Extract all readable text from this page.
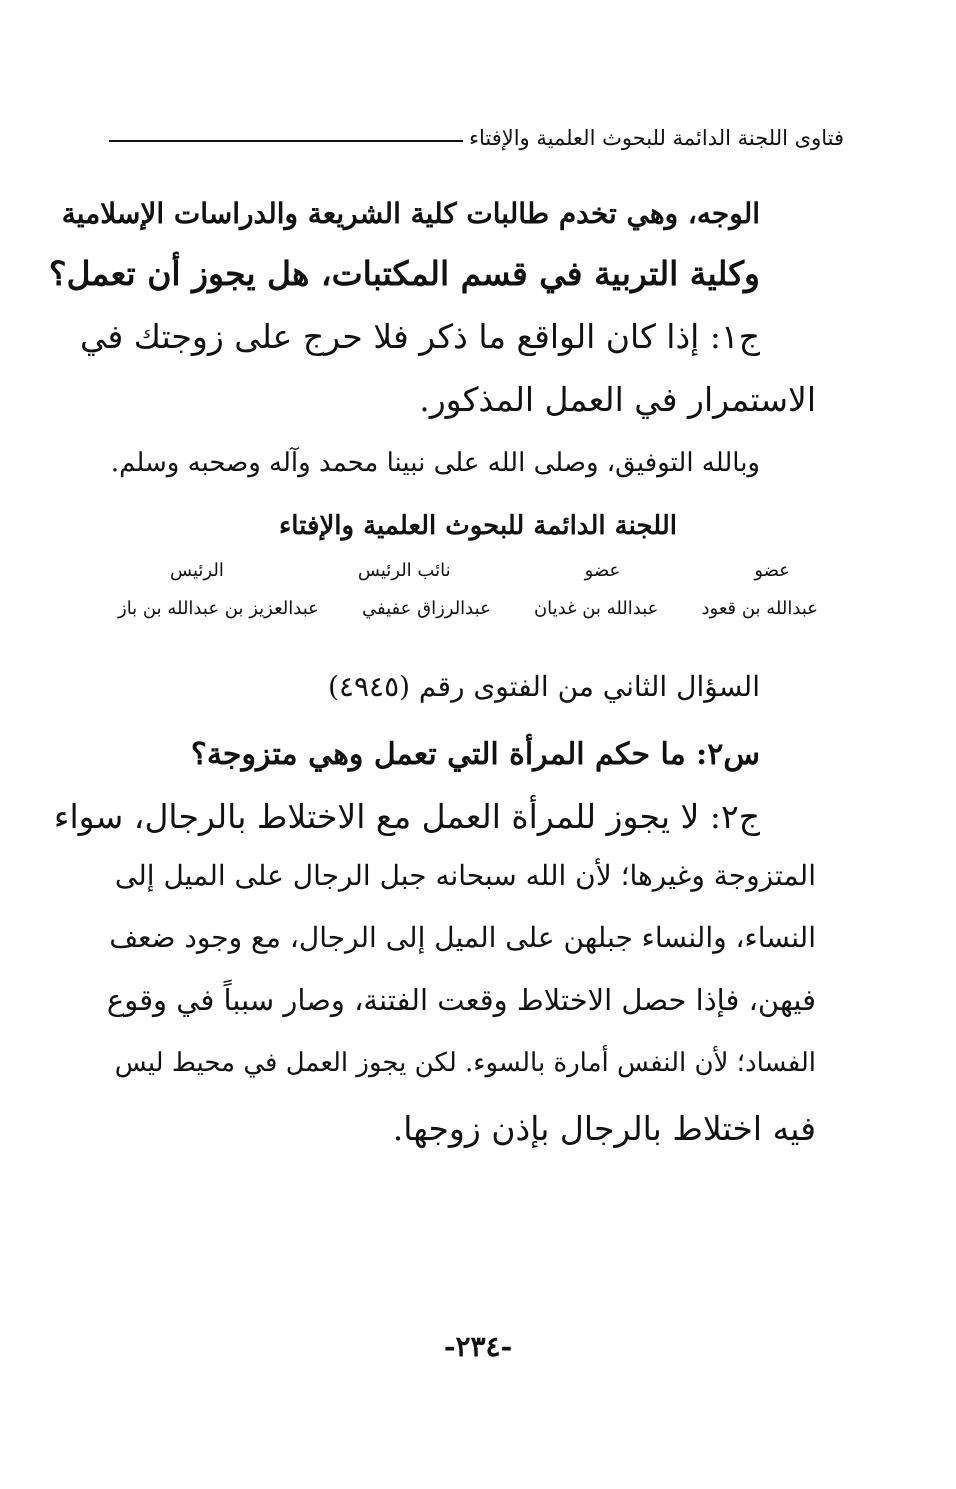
فتاوى اللجنة الدائمة للبحوث العلمية والإفتاء
الوجه، وهي تخدم طالبات كلية الشريعة والدراسات الإسلامية
وكلية التربية في قسم المكتبات، هل يجوز أن تعمل؟
ج١: إذا كان الواقع ما ذكر فلا حرج على زوجتك في
الاستمرار في العمل المذكور.
وبالله التوفيق، وصلى الله على نبينا محمد وآله وصحبه وسلم.
اللجنة الدائمة للبحوث العلمية والإفتاء
عضو
عضو
نائب الرئيس
الرئيس
عبدالله بن قعود
عبدالله بن غديان
عبدالرزاق عفيفي
عبدالعزيز بن عبدالله بن باز
السؤال الثاني من الفتوى رقم (٤٩٤٥)
س٢: ما حكم المرأة التي تعمل وهي متزوجة؟
ج٢: لا يجوز للمرأة العمل مع الاختلاط بالرجال، سواء
المتزوجة وغيرها؛ لأن الله سبحانه جبل الرجال على الميل إلى
النساء، والنساء جبلهن على الميل إلى الرجال، مع وجود ضعف
فيهن، فإذا حصل الاختلاط وقعت الفتنة، وصار سبباً في وقوع
الفساد؛ لأن النفس أمارة بالسوء. لكن يجوز العمل في محيط ليس
فيه اختلاط بالرجال بإذن زوجها.
-٢٣٤-
